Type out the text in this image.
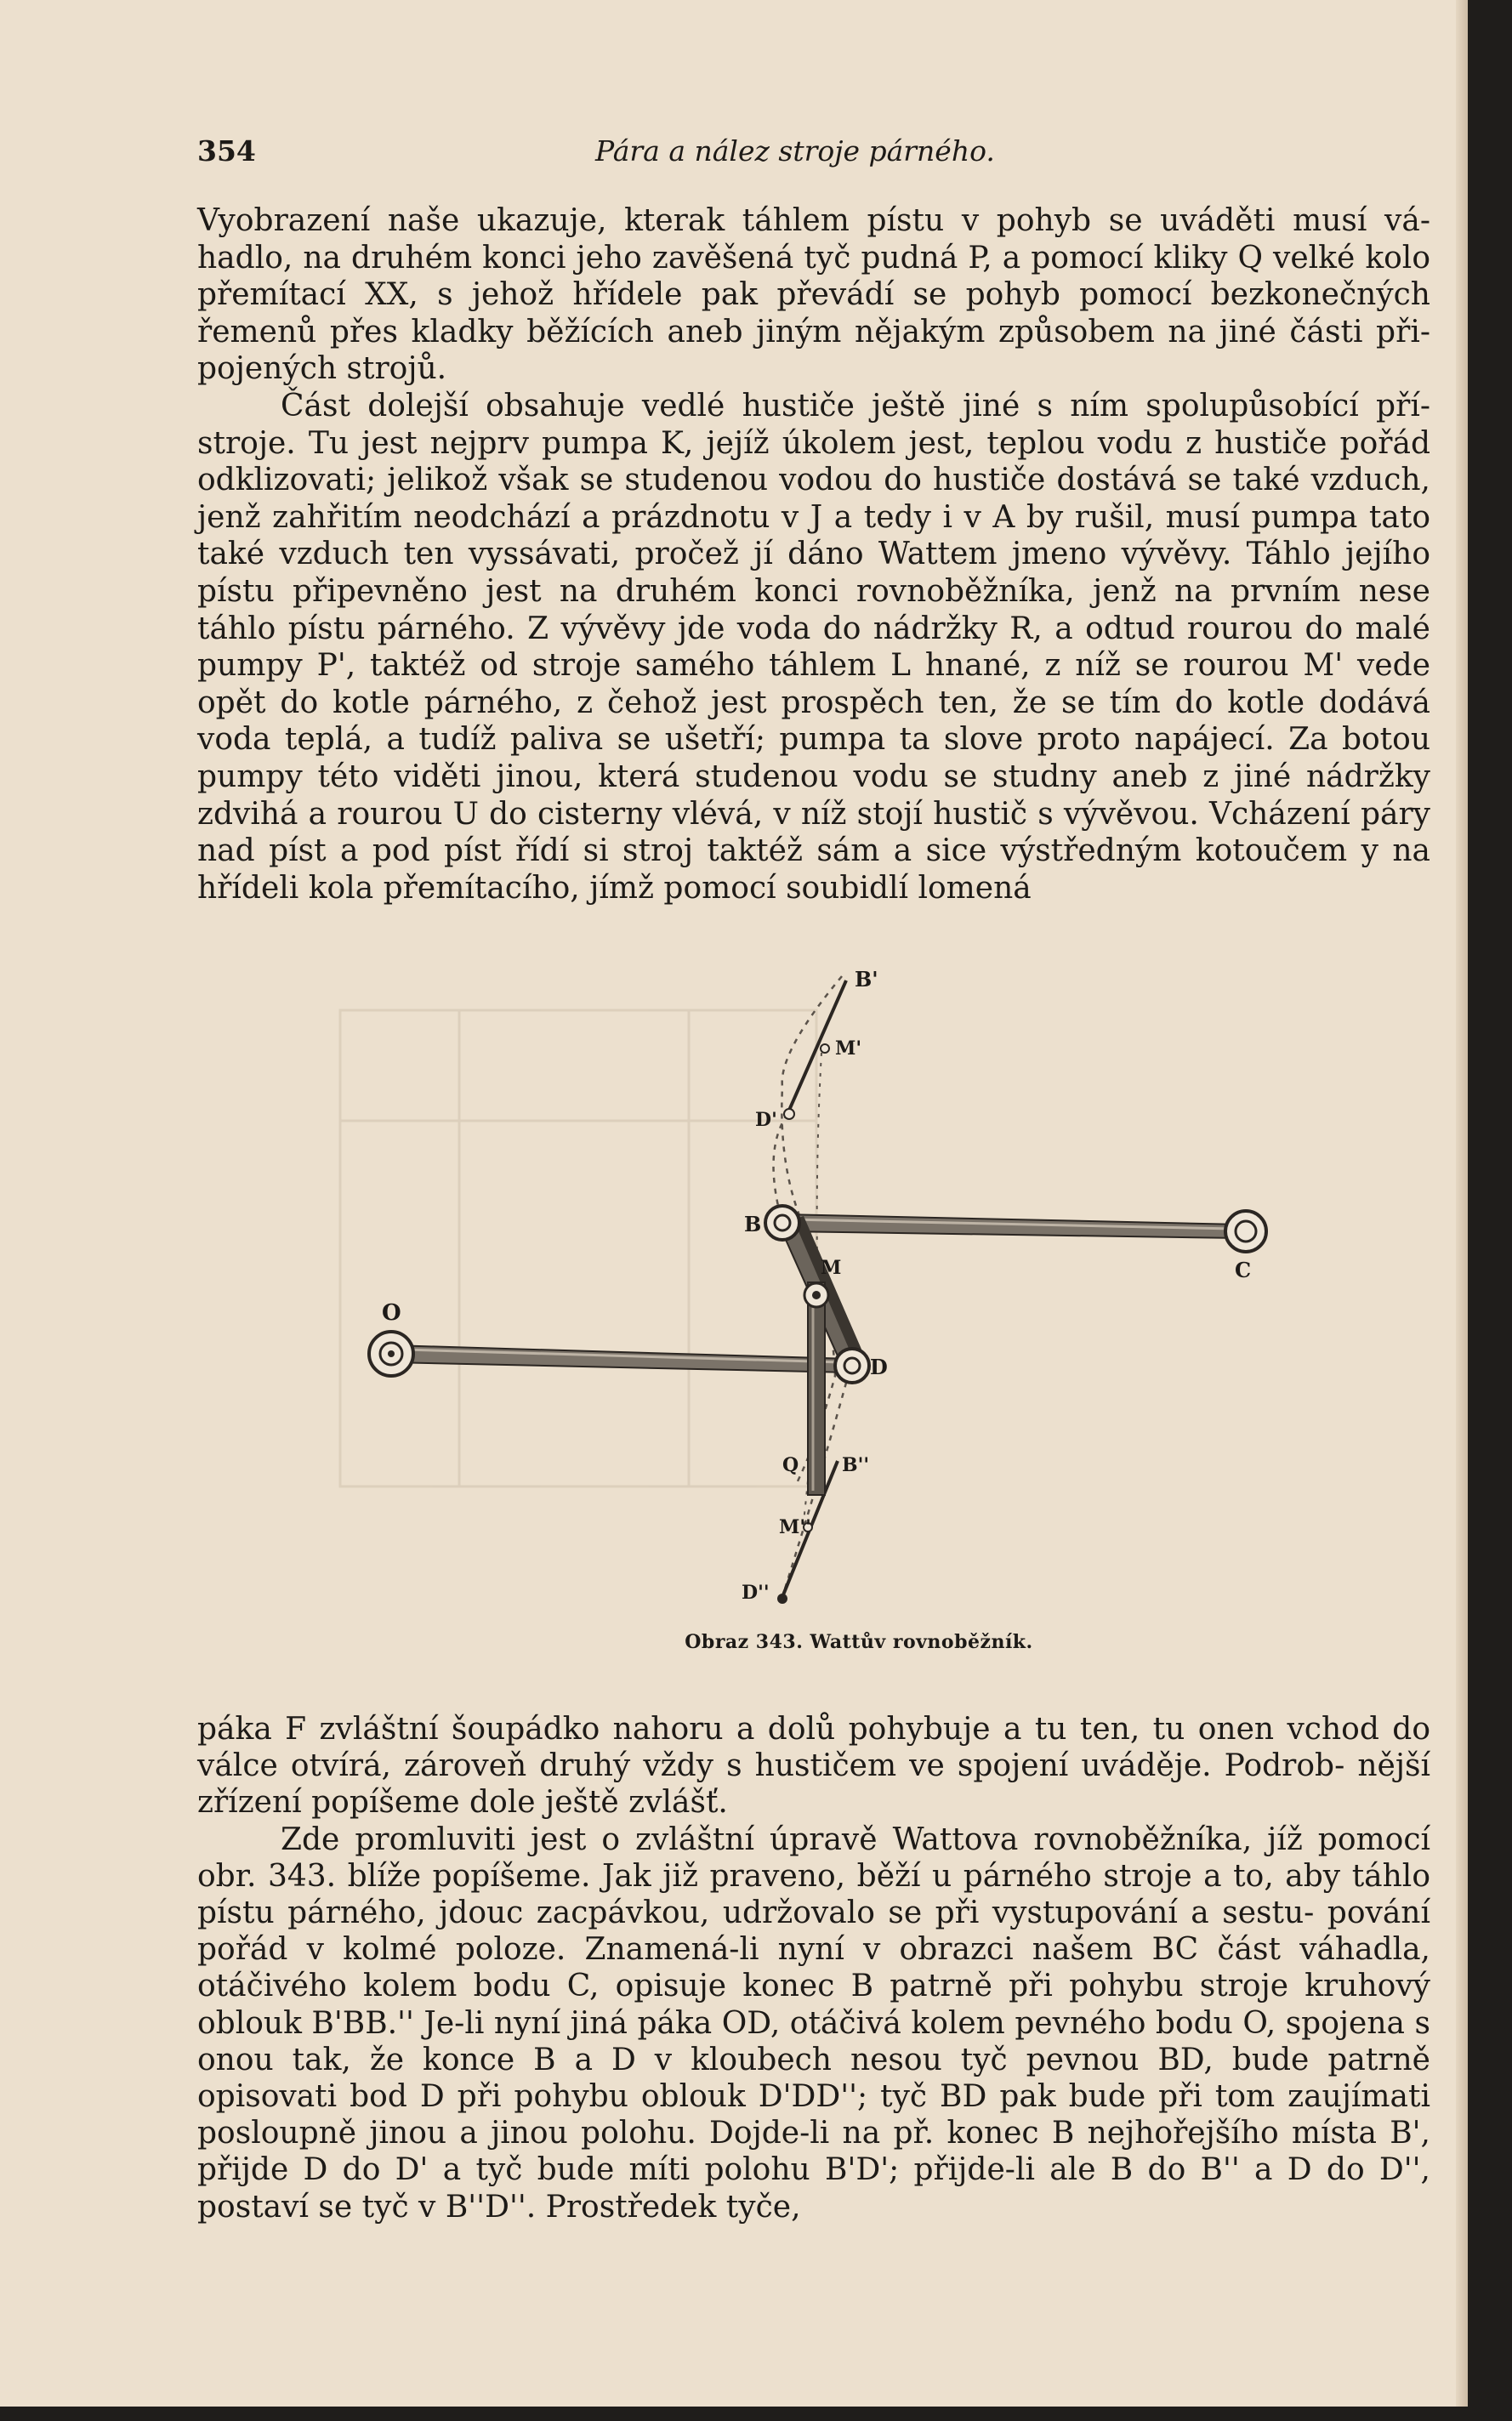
354	Pára a nález stroje párného.

Vyobrazení naše ukazuje, kterak táhlem pístu v pohyb se uváděti musí vá- hadlo, na druhém konci jeho zavěšená tyč pudná P, a pomocí kliky Q velké kolo přemítací XX, s jehož hřídele pak převádí se pohyb pomocí bezkonečných řemenů přes kladky běžících aneb jiným nějakým způsobem na jiné části při- pojených strojů.

Část dolejší obsahuje vedlé hustiče ještě jiné s ním spolupůsobící pří- stroje. Tu jest nejprv pumpa K, jejíž úkolem jest, teplou vodu z hustiče pořád odklizovati; jelikož však se studenou vodou do hustiče dostává se také vzduch, jenž zahřitím neodchází a prázdnotu v J a tedy i v A by rušil, musí pumpa tato také vzduch ten vyssávati, pročež jí dáno Wattem jmeno vývěvy. Táhlo jejího pístu připevněno jest na druhém konci rovnoběžníka, jenž na prvním nese táhlo pístu párného. Z vývěvy jde voda do nádržky R, a odtud rourou do malé pumpy P', taktéž od stroje samého táhlem L hnané, z níž se rourou M' vede opět do kotle párného, z čehož jest prospěch ten, že se tím do kotle dodává voda teplá, a tudíž paliva se ušetří; pumpa ta slove proto napájecí. Za botou pumpy této viděti jinou, která studenou vodu se studny aneb z jiné nádržky zdvihá a rourou U do cisterny vlévá, v níž stojí hustič s vývěvou. Vcházení páry nad píst a pod píst řídí si stroj taktéž sám a sice výstředným kotoučem y na hřídeli kola přemítacího, jímž pomocí soubidlí lomená

B'
M'
D'
B
C
M
O
D
Q B''
M''
D''
Obraz 343. Wattův rovnoběžník.

páka F zvláštní šoupádko nahoru a dolů pohybuje a tu ten, tu onen vchod do válce otvírá, zároveň druhý vždy s hustičem ve spojení uváděje. Podrob- nější zřízení popíšeme dole ještě zvlášť.

Zde promluviti jest o zvláštní úpravě Wattova rovnoběžníka, jíž pomocí obr. 343. blíže popíšeme. Jak již praveno, běží u párného stroje a to, aby táhlo pístu párného, jdouc zacpávkou, udržovalo se při vystupování a sestu- pování pořád v kolmé poloze. Znamená-li nyní v obrazci našem BC část váhadla, otáčivého kolem bodu C, opisuje konec B patrně při pohybu stroje kruhový oblouk B'BB.'' Je-li nyní jiná páka OD, otáčivá kolem pevného bodu O, spojena s onou tak, že konce B a D v kloubech nesou tyč pevnou BD, bude patrně opisovati bod D při pohybu oblouk D'DD''; tyč BD pak bude při tom zaujímati posloupně jinou a jinou polohu. Dojde-li na př. konec B nejhořejšího místa B', přijde D do D' a tyč bude míti polohu B'D'; přijde-li ale B do B'' a D do D'', postaví se tyč v B''D''. Prostředek tyče,
